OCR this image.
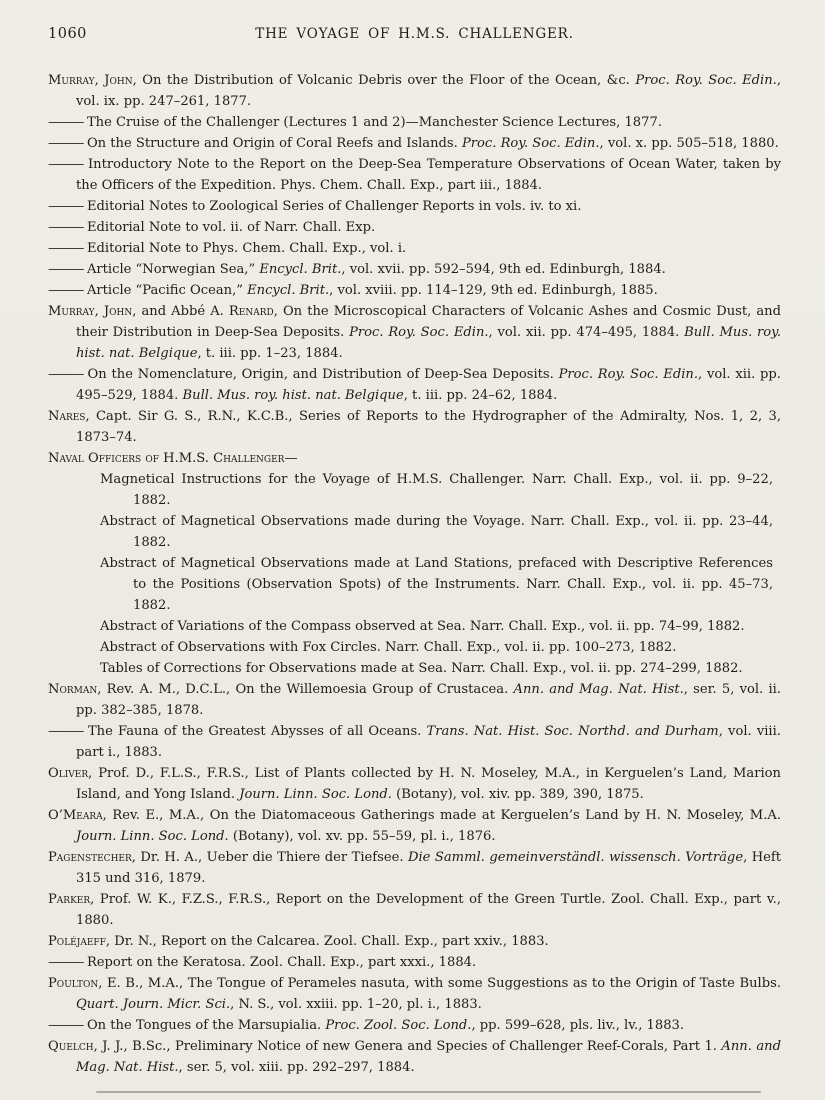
1060	THE VOYAGE OF H.M.S. CHALLENGER.

Murray, John, On the Distribution of Volcanic Debris over the Floor of the Ocean, &c. Proc. Roy. Soc. Edin., vol. ix. pp. 247–261, 1877.

——— The Cruise of the Challenger (Lectures 1 and 2)—Manchester Science Lectures, 1877.

——— On the Structure and Origin of Coral Reefs and Islands. Proc. Roy. Soc. Edin., vol. x. pp. 505–518, 1880.

——— Introductory Note to the Report on the Deep-Sea Temperature Observations of Ocean Water, taken by the Officers of the Expedition. Phys. Chem. Chall. Exp., part iii., 1884.

——— Editorial Notes to Zoological Series of Challenger Reports in vols. iv. to xi.

——— Editorial Note to vol. ii. of Narr. Chall. Exp.

——— Editorial Note to Phys. Chem. Chall. Exp., vol. i.

——— Article “Norwegian Sea,” Encycl. Brit., vol. xvii. pp. 592–594, 9th ed. Edinburgh, 1884.

——— Article “Pacific Ocean,” Encycl. Brit., vol. xviii. pp. 114–129, 9th ed. Edinburgh, 1885.

Murray, John, and Abbé A. Renard, On the Microscopical Characters of Volcanic Ashes and Cosmic Dust, and their Distribution in Deep-Sea Deposits. Proc. Roy. Soc. Edin., vol. xii. pp. 474–495, 1884. Bull. Mus. roy. hist. nat. Belgique, t. iii. pp. 1–23, 1884.

——— On the Nomenclature, Origin, and Distribution of Deep-Sea Deposits. Proc. Roy. Soc. Edin., vol. xii. pp. 495–529, 1884. Bull. Mus. roy. hist. nat. Belgique, t. iii. pp. 24–62, 1884.

Nares, Capt. Sir G. S., R.N., K.C.B., Series of Reports to the Hydrographer of the Admiralty, Nos. 1, 2, 3, 1873–74.

Naval Officers of H.M.S. Challenger—

Magnetical Instructions for the Voyage of H.M.S. Challenger. Narr. Chall. Exp., vol. ii. pp. 9–22, 1882.

Abstract of Magnetical Observations made during the Voyage. Narr. Chall. Exp., vol. ii. pp. 23–44, 1882.

Abstract of Magnetical Observations made at Land Stations, prefaced with Descriptive References to the Positions (Observation Spots) of the Instruments. Narr. Chall. Exp., vol. ii. pp. 45–73, 1882.

Abstract of Variations of the Compass observed at Sea. Narr. Chall. Exp., vol. ii. pp. 74–99, 1882.

Abstract of Observations with Fox Circles. Narr. Chall. Exp., vol. ii. pp. 100–273, 1882.

Tables of Corrections for Observations made at Sea. Narr. Chall. Exp., vol. ii. pp. 274–299, 1882.

Norman, Rev. A. M., D.C.L., On the Willemoesia Group of Crustacea. Ann. and Mag. Nat. Hist., ser. 5, vol. ii. pp. 382–385, 1878.

——— The Fauna of the Greatest Abysses of all Oceans. Trans. Nat. Hist. Soc. Northd. and Durham, vol. viii. part i., 1883.

Oliver, Prof. D., F.L.S., F.R.S., List of Plants collected by H. N. Moseley, M.A., in Kerguelen’s Land, Marion Island, and Yong Island. Journ. Linn. Soc. Lond. (Botany), vol. xiv. pp. 389, 390, 1875.

O’Meara, Rev. E., M.A., On the Diatomaceous Gatherings made at Kerguelen’s Land by H. N. Moseley, M.A. Journ. Linn. Soc. Lond. (Botany), vol. xv. pp. 55–59, pl. i., 1876.

Pagenstecher, Dr. H. A., Ueber die Thiere der Tiefsee. Die Samml. gemeinverständl. wissensch. Vorträge, Heft 315 und 316, 1879.

Parker, Prof. W. K., F.Z.S., F.R.S., Report on the Development of the Green Turtle. Zool. Chall. Exp., part v., 1880.

Poléjaeff, Dr. N., Report on the Calcarea. Zool. Chall. Exp., part xxiv., 1883.

——— Report on the Keratosa. Zool. Chall. Exp., part xxxi., 1884.

Poulton, E. B., M.A., The Tongue of Perameles nasuta, with some Suggestions as to the Origin of Taste Bulbs. Quart. Journ. Micr. Sci., N. S., vol. xxiii. pp. 1–20, pl. i., 1883.

——— On the Tongues of the Marsupialia. Proc. Zool. Soc. Lond., pp. 599–628, pls. liv., lv., 1883.

Quelch, J. J., B.Sc., Preliminary Notice of new Genera and Species of Challenger Reef-Corals, Part 1. Ann. and Mag. Nat. Hist., ser. 5, vol. xiii. pp. 292–297, 1884.
